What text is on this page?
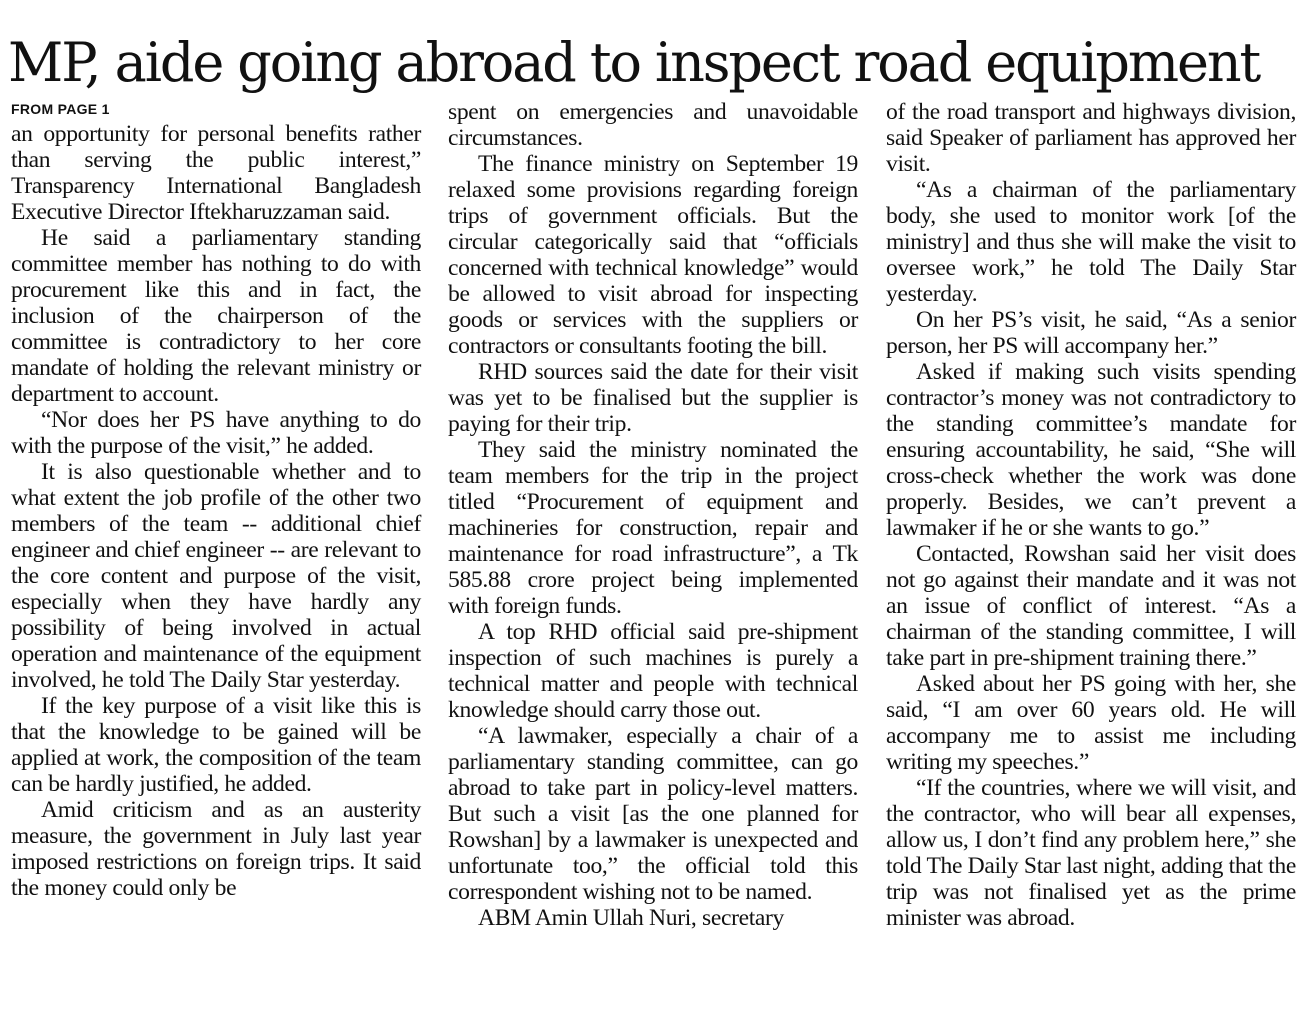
MP, aide going abroad to inspect road equipment
FROM PAGE 1

an opportunity for personal benefits rather than serving the public interest,” Transparency International Bangladesh Executive Director Iftekharuzzaman said.

He said a parliamentary standing committee member has nothing to do with procurement like this and in fact, the inclusion of the chairperson of the committee is contradictory to her core mandate of holding the relevant ministry or department to account.

“Nor does her PS have anything to do with the purpose of the visit,” he added.

It is also questionable whether and to what extent the job profile of the other two members of the team -- additional chief engineer and chief engineer -- are relevant to the core content and purpose of the visit, especially when they have hardly any possibility of being involved in actual operation and maintenance of the equipment involved, he told The Daily Star yesterday.

If the key purpose of a visit like this is that the knowledge to be gained will be applied at work, the composition of the team can be hardly justified, he added.

Amid criticism and as an austerity measure, the government in July last year imposed restrictions on foreign trips. It said the money could only be

spent on emergencies and unavoidable circumstances.

The finance ministry on September 19 relaxed some provisions regarding foreign trips of government officials. But the circular categorically said that “officials concerned with technical knowledge” would be allowed to visit abroad for inspecting goods or services with the suppliers or contractors or consultants footing the bill.

RHD sources said the date for their visit was yet to be finalised but the supplier is paying for their trip.

They said the ministry nominated the team members for the trip in the project titled “Procurement of equipment and machineries for construction, repair and maintenance for road infrastructure”, a Tk 585.88 crore project being implemented with foreign funds.

A top RHD official said pre-shipment inspection of such machines is purely a technical matter and people with technical knowledge should carry those out.

“A lawmaker, especially a chair of a parliamentary standing committee, can go abroad to take part in policy-level matters. But such a visit [as the one planned for Rowshan] by a lawmaker is unexpected and unfortunate too,” the official told this correspondent wishing not to be named.

ABM Amin Ullah Nuri, secretary

of the road transport and highways division, said Speaker of parliament has approved her visit.

“As a chairman of the parliamentary body, she used to monitor work [of the ministry] and thus she will make the visit to oversee work,” he told The Daily Star yesterday.

On her PS’s visit, he said, “As a senior person, her PS will accompany her.”

Asked if making such visits spending contractor’s money was not contradictory to the standing committee’s mandate for ensuring accountability, he said, “She will cross-check whether the work was done properly. Besides, we can’t prevent a lawmaker if he or she wants to go.”

Contacted, Rowshan said her visit does not go against their mandate and it was not an issue of conflict of interest. “As a chairman of the standing committee, I will take part in pre-shipment training there.”

Asked about her PS going with her, she said, “I am over 60 years old. He will accompany me to assist me including writing my speeches.”

“If the countries, where we will visit, and the contractor, who will bear all expenses, allow us, I don’t find any problem here,” she told The Daily Star last night, adding that the trip was not finalised yet as the prime minister was abroad.
